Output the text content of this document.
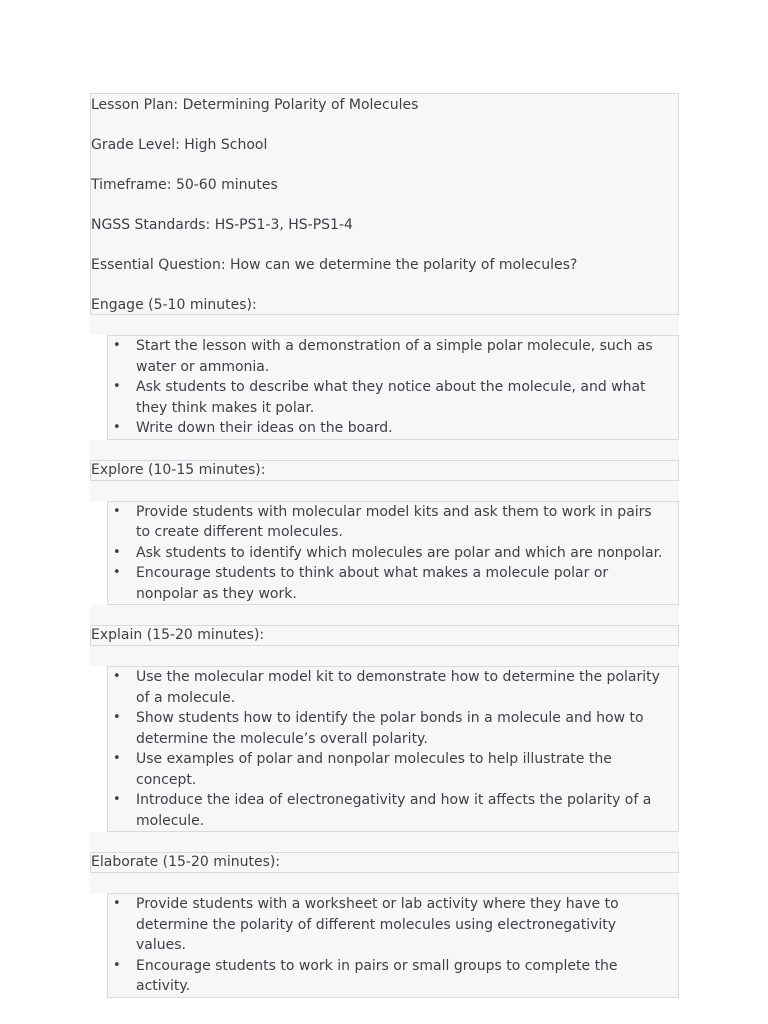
Lesson Plan: Determining Polarity of Molecules

Grade Level: High School

Timeframe: 50-60 minutes

NGSS Standards: HS-PS1-3, HS-PS1-4

Essential Question: How can we determine the polarity of molecules?

Engage (5-10 minutes):

• Start the lesson with a demonstration of a simple polar molecule, such as water or ammonia.
• Ask students to describe what they notice about the molecule, and what they think makes it polar.
• Write down their ideas on the board.
Explore (10-15 minutes):
• Provide students with molecular model kits and ask them to work in pairs to create different molecules.
• Ask students to identify which molecules are polar and which are nonpolar.
• Encourage students to think about what makes a molecule polar or nonpolar as they work.
Explain (15-20 minutes):
• Use the molecular model kit to demonstrate how to determine the polarity of a molecule.
• Show students how to identify the polar bonds in a molecule and how to determine the molecule’s overall polarity.
• Use examples of polar and nonpolar molecules to help illustrate the concept.
• Introduce the idea of electronegativity and how it affects the polarity of a molecule.
Elaborate (15-20 minutes):
• Provide students with a worksheet or lab activity where they have to determine the polarity of different molecules using electronegativity values.
• Encourage students to work in pairs or small groups to complete the activity.
